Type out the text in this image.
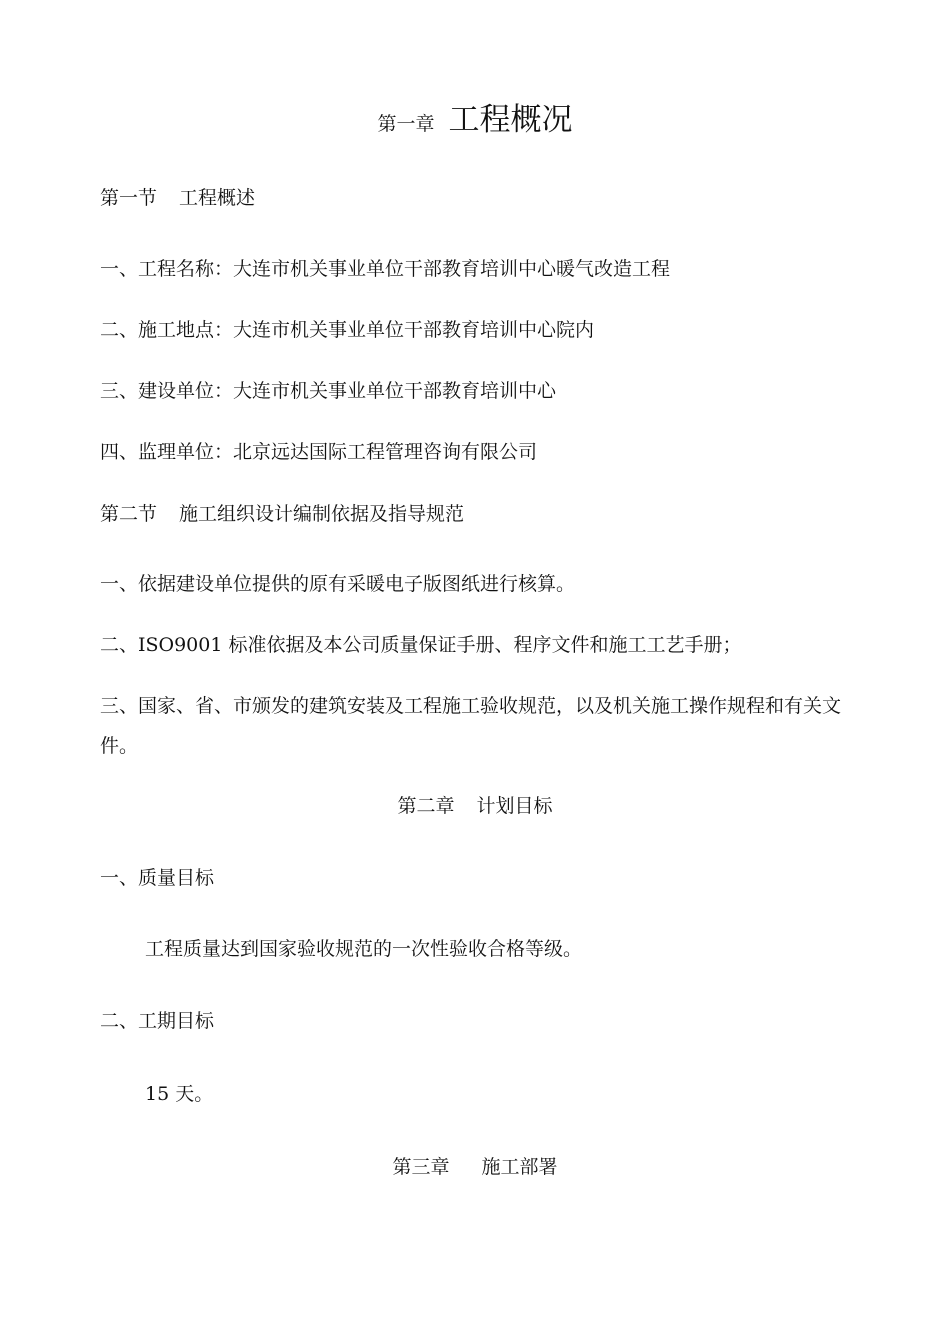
第一章 工程概况
第一节 工程概述
一、工程名称：大连市机关事业单位干部教育培训中心暖气改造工程
二、施工地点：大连市机关事业单位干部教育培训中心院内
三、建设单位：大连市机关事业单位干部教育培训中心
四、监理单位：北京远达国际工程管理咨询有限公司
第二节 施工组织设计编制依据及指导规范
一、依据建设单位提供的原有采暖电子版图纸进行核算。
二、ISO9001 标准依据及本公司质量保证手册、程序文件和施工工艺手册；
三、国家、省、市颁发的建筑安装及工程施工验收规范，以及机关施工操作规程和有关文件。
第二章 计划目标
一、质量目标
工程质量达到国家验收规范的一次性验收合格等级。
二、工期目标
15 天。
第三章 施工部署
